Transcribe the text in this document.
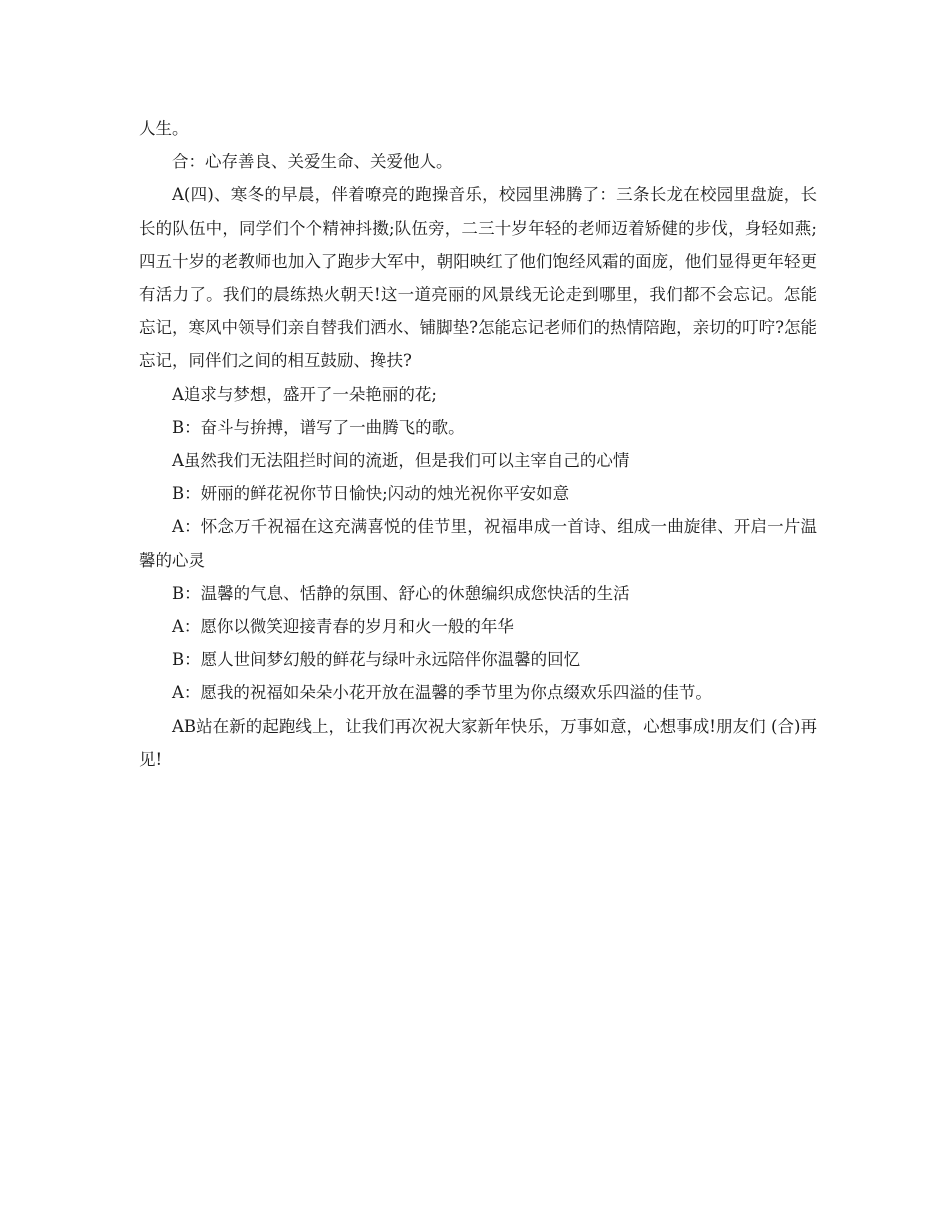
人生。

合：心存善良、关爱生命、关爱他人。

A(四)、寒冬的早晨，伴着嘹亮的跑操音乐，校园里沸腾了：三条长龙在校园里盘旋，长长的队伍中，同学们个个精神抖擞;队伍旁，二三十岁年轻的老师迈着矫健的步伐，身轻如燕;四五十岁的老教师也加入了跑步大军中，朝阳映红了他们饱经风霜的面庞，他们显得更年轻更有活力了。我们的晨练热火朝天!这一道亮丽的风景线无论走到哪里，我们都不会忘记。怎能忘记，寒风中领导们亲自替我们洒水、铺脚垫?怎能忘记老师们的热情陪跑，亲切的叮咛?怎能忘记，同伴们之间的相互鼓励、搀扶?

A追求与梦想，盛开了一朵艳丽的花;

B：奋斗与拚搏，谱写了一曲腾飞的歌。

A虽然我们无法阻拦时间的流逝，但是我们可以主宰自己的心情

B：妍丽的鲜花祝你节日愉快;闪动的烛光祝你平安如意

A：怀念万千祝福在这充满喜悦的佳节里，祝福串成一首诗、组成一曲旋律、开启一片温馨的心灵

B：温馨的气息、恬静的氛围、舒心的休憩编织成您快活的生活

A：愿你以微笑迎接青春的岁月和火一般的年华

B：愿人世间梦幻般的鲜花与绿叶永远陪伴你温馨的回忆

A：愿我的祝福如朵朵小花开放在温馨的季节里为你点缀欢乐四溢的佳节。

AB站在新的起跑线上，让我们再次祝大家新年快乐，万事如意，心想事成!朋友们 (合)再见!
